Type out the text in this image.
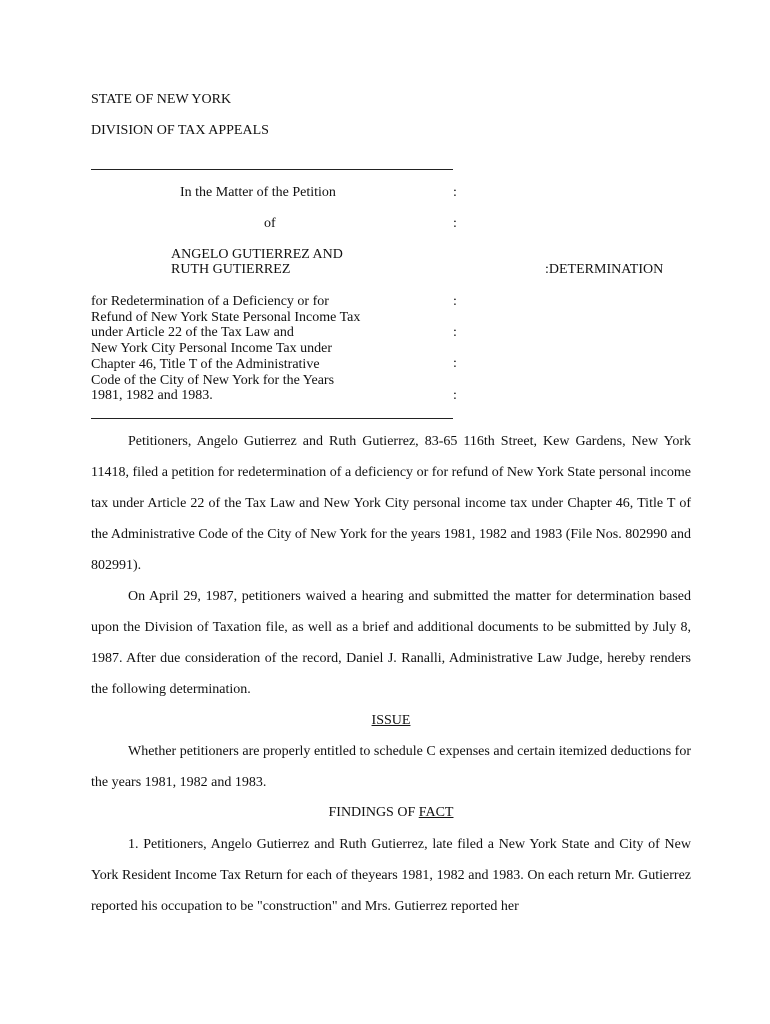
STATE OF NEW YORK
DIVISION OF TAX APPEALS
In the Matter of the Petition	:
of	:
ANGELO GUTIERREZ AND
RUTH GUTIERREZ	:DETERMINATION
for Redetermination of a Deficiency or for
Refund of New York State Personal Income Tax
under Article 22 of the Tax Law and
New York City Personal Income Tax under
Chapter 46, Title T of the Administrative
Code of the City of New York for the Years
1981, 1982 and 1983.
:
:
:
:

Petitioners, Angelo Gutierrez and Ruth Gutierrez, 83-65 116th Street, Kew Gardens, New York 11418, filed a petition for redetermination of a deficiency or for refund of New York State personal income tax under Article 22 of the Tax Law and New York City personal income tax under Chapter 46, Title T of the Administrative Code of the City of New York for the years 1981, 1982 and 1983 (File Nos. 802990 and 802991).

On April 29, 1987, petitioners waived a hearing and submitted the matter for determination based upon the Division of Taxation file, as well as a brief and additional documents to be submitted by July 8, 1987. After due consideration of the record, Daniel J. Ranalli, Administrative Law Judge, hereby renders the following determination.

ISSUE

Whether petitioners are properly entitled to schedule C expenses and certain itemized deductions for the years 1981, 1982 and 1983.

FINDINGS OF FACT

1. Petitioners, Angelo Gutierrez and Ruth Gutierrez, late filed a New York State and City of New York Resident Income Tax Return for each of theyears 1981, 1982 and 1983. On each return Mr. Gutierrez reported his occupation to be "construction" and Mrs. Gutierrez reported her
